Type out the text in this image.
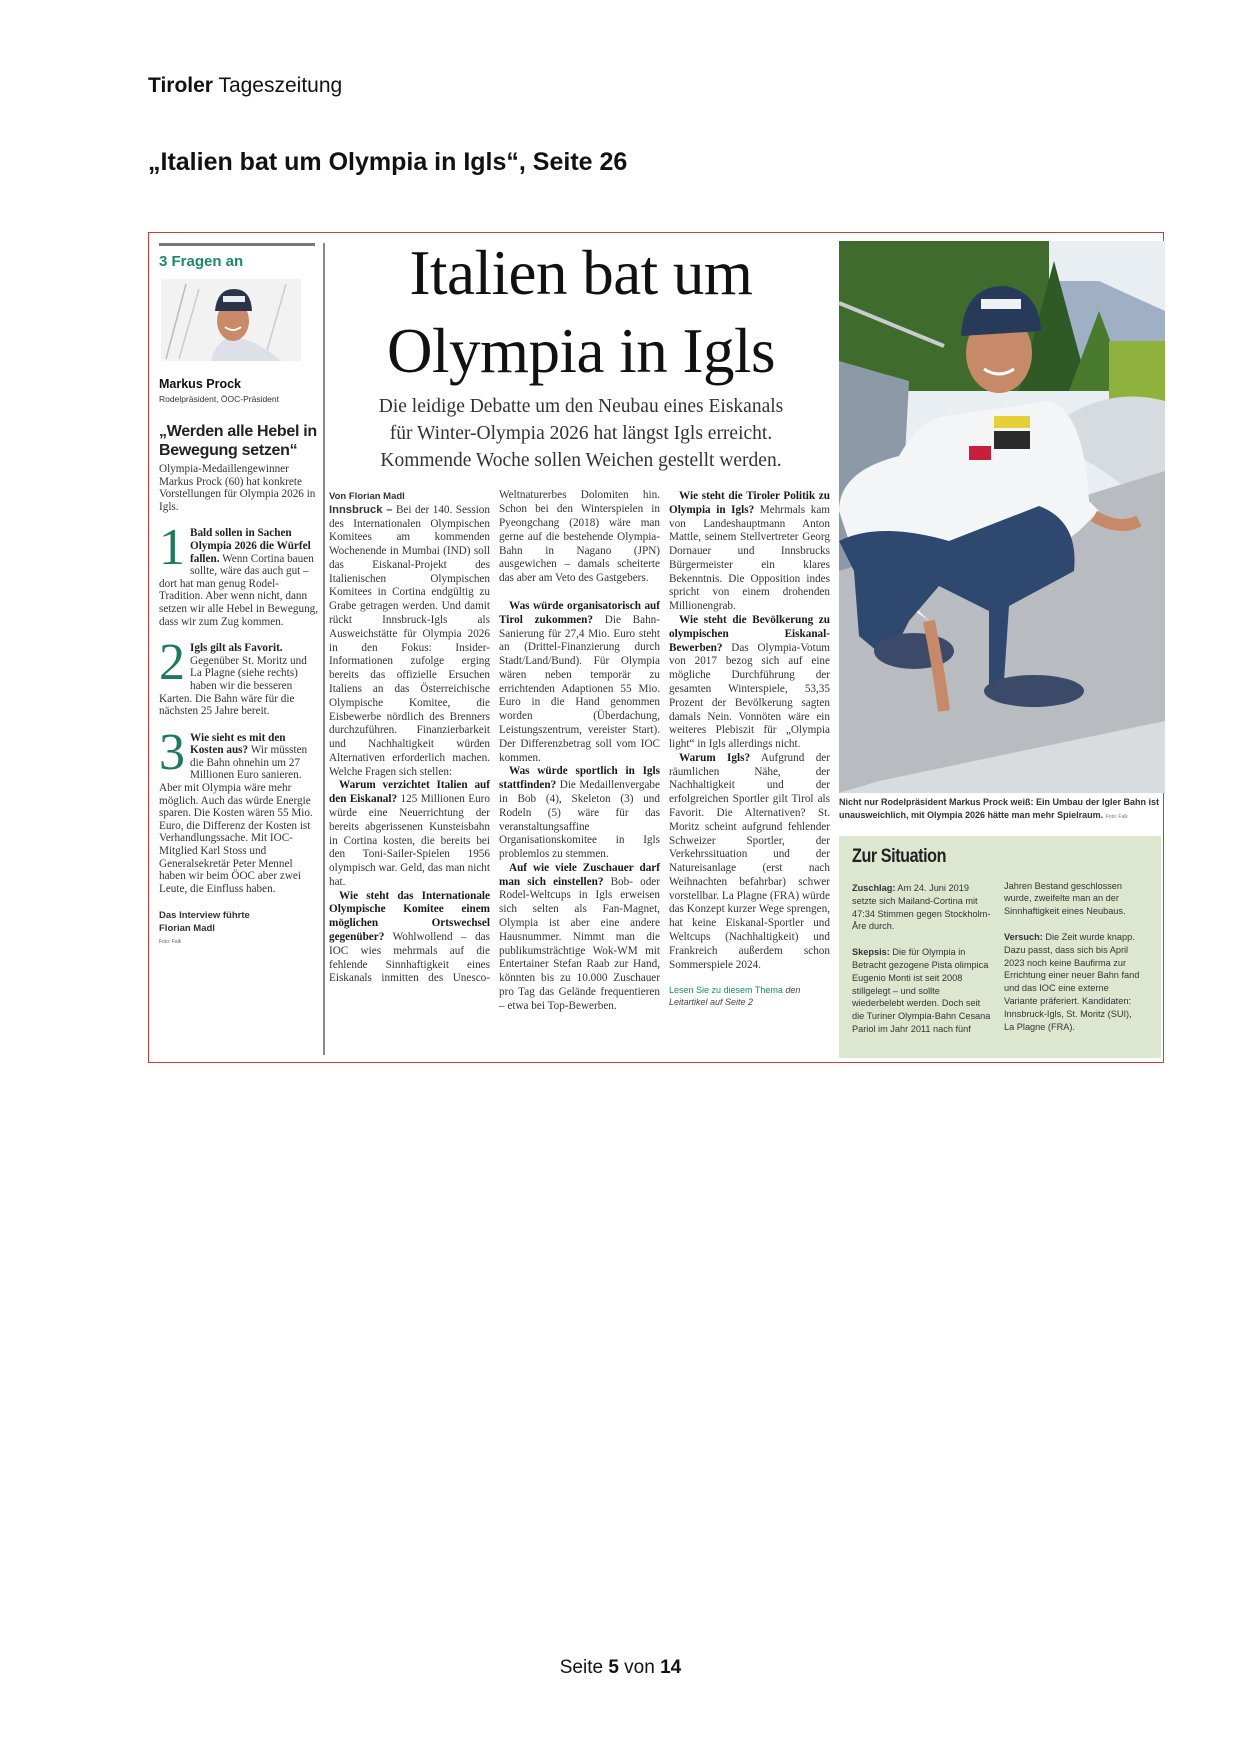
Tiroler Tageszeitung
„Italien bat um Olympia in Igls“, Seite 26
3 Fragen an
Markus Prock
Rodelpräsident, ÖOC-Präsident
„Werden alle Hebel in Bewegung setzen“
Olympia-Medaillengewinner Markus Prock (60) hat konkrete Vorstellungen für Olympia 2026 in Igls.
1 Bald sollen in Sachen Olympia 2026 die Würfel fallen. Wenn Cortina bauen sollte, wäre das auch gut – dort hat man genug Rodel-Tradition. Aber wenn nicht, dann setzen wir alle Hebel in Bewegung, dass wir zum Zug kommen.
2 Igls gilt als Favorit. Gegenüber St. Moritz und La Plagne (siehe rechts) haben wir die besseren Karten. Die Bahn wäre für die nächsten 25 Jahre bereit.
3 Wie sieht es mit den Kosten aus? Wir müssten die Bahn ohnehin um 27 Millionen Euro sanieren. Aber mit Olympia wäre mehr möglich. Auch das würde Energie sparen. Die Kosten wären 55 Mio. Euro, die Differenz der Kosten ist Verhandlungssache. Mit IOC-Mitglied Karl Stoss und Generalsekretär Peter Mennel haben wir beim ÖOC aber zwei Leute, die Einfluss haben.
Das Interview führte
Florian Madl
Foto: Falk
Italien bat um
Olympia in Igls
Die leidige Debatte um den Neubau eines Eiskanals
für Winter-Olympia 2026 hat längst Igls erreicht.
Kommende Woche sollen Weichen gestellt werden.

Von Florian Madl

Innsbruck – Bei der 140. Session des Internationalen Olympischen Komitees am kommenden Wochenende in Mumbai (IND) soll das Eiskanal-Projekt des Italienischen Olympischen Komitees in Cortina endgültig zu Grabe getragen werden. Und damit rückt Innsbruck-Igls als Ausweichstätte für Olympia 2026 in den Fokus: Insider-Informationen zufolge erging bereits das offizielle Ersuchen Italiens an das Österreichische Olympische Komitee, die Eisbewerbe nördlich des Brenners durchzuführen. Finanzierbarkeit und Nachhaltigkeit würden Alternativen erforderlich machen. Welche Fragen sich stellen:

Warum verzichtet Italien auf den Eiskanal? 125 Millionen Euro würde eine Neuerrichtung der bereits abgerissenen Kunsteisbahn in Cortina kosten, die bereits bei den Toni-Sailer-Spielen 1956 olympisch war. Geld, das man nicht hat.

Wie steht das Internationale Olympische Komitee einem möglichen Ortswechsel gegenüber? Wohlwollend – das IOC wies mehrmals auf die fehlende Sinnhaftigkeit eines Eiskanals inmitten des Unesco-

Weltnaturerbes Dolomiten hin. Schon bei den Winterspielen in Pyeongchang (2018) wäre man gerne auf die bestehende Olympia-Bahn in Nagano (JPN) ausgewichen – damals scheiterte das aber am Veto des Gastgebers.

Was würde organisatorisch auf Tirol zukommen? Die Bahn-Sanierung für 27,4 Mio. Euro steht an (Drittel-Finanzierung durch Stadt/Land/Bund). Für Olympia wären neben temporär zu errichtenden Adaptionen 55 Mio. Euro in die Hand genommen worden (Überdachung, Leistungszentrum, vereister Start). Der Differenzbetrag soll vom IOC kommen.

Was würde sportlich in Igls stattfinden? Die Medaillenvergabe in Bob (4), Skeleton (3) und Rodeln (5) wäre für das veranstaltungsaffine Organisationskomitee in Igls problemlos zu stemmen.

Auf wie viele Zuschauer darf man sich einstellen? Bob- oder Rodel-Weltcups in Igls erweisen sich selten als Fan-Magnet, Olympia ist aber eine andere Hausnummer. Nimmt man die publikumsträchtige Wok-WM mit Entertainer Stefan Raab zur Hand, könnten bis zu 10.000 Zuschauer pro Tag das Gelände frequentieren – etwa bei Top-Bewerben.

Wie steht die Tiroler Politik zu Olympia in Igls? Mehrmals kam von Landeshauptmann Anton Mattle, seinem Stellvertreter Georg Dornauer und Innsbrucks Bürgermeister ein klares Bekenntnis. Die Opposition indes spricht von einem drohenden Millionengrab.

Wie steht die Bevölkerung zu olympischen Eiskanal-Bewerben? Das Olympia-Votum von 2017 bezog sich auf eine mögliche Durchführung der gesamten Winterspiele, 53,35 Prozent der Bevölkerung sagten damals Nein. Vonnöten wäre ein weiteres Plebiszit für „Olympia light“ in Igls allerdings nicht.

Warum Igls? Aufgrund der räumlichen Nähe, der Nachhaltigkeit und der erfolgreichen Sportler gilt Tirol als Favorit. Die Alternativen? St. Moritz scheint aufgrund fehlender Schweizer Sportler, der Verkehrssituation und der Natureisanlage (erst nach Weihnachten befahrbar) schwer vorstellbar. La Plagne (FRA) würde das Konzept kurzer Wege sprengen, hat keine Eiskanal-Sportler und Weltcups (Nachhaltigkeit) und Frankreich außerdem schon Sommerspiele 2024.

Lesen Sie zu diesem Thema den Leitartikel auf Seite 2

Nicht nur Rodelpräsident Markus Prock weiß: Ein Umbau der Igler Bahn ist unausweichlich, mit Olympia 2026 hätte man mehr Spielraum. Foto: Falk
Zur Situation

Zuschlag: Am 24. Juni 2019 setzte sich Mailand-Cortina mit 47:34 Stimmen gegen Stockholm-Åre durch.

Skepsis: Die für Olympia in Betracht gezogene Pista olimpica Eugenio Monti ist seit 2008 stillgelegt – und sollte wiederbelebt werden. Doch seit die Turiner Olympia-Bahn Cesana Pariol im Jahr 2011 nach fünf

Jahren Bestand geschlossen wurde, zweifelte man an der Sinnhaftigkeit eines Neubaus.

Versuch: Die Zeit wurde knapp. Dazu passt, dass sich bis April 2023 noch keine Baufirma zur Errichtung einer neuer Bahn fand und das IOC eine externe Variante präferiert. Kandidaten: Innsbruck-Igls, St. Moritz (SUI), La Plagne (FRA).

Seite 5 von 14
